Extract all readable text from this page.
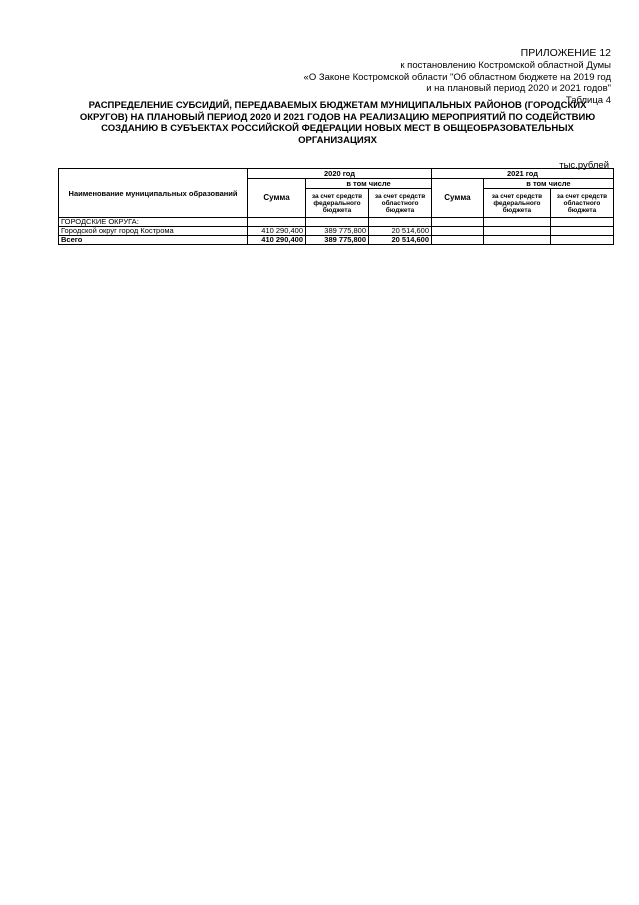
ПРИЛОЖЕНИЕ 12
к постановлению Костромской областной Думы
«О Законе Костромской области "Об областном бюджете на 2019 год
и на плановый период 2020 и 2021 годов"
Таблица 4
РАСПРЕДЕЛЕНИЕ СУБСИДИЙ, ПЕРЕДАВАЕМЫХ БЮДЖЕТАМ МУНИЦИПАЛЬНЫХ РАЙОНОВ (ГОРОДСКИХ ОКРУГОВ) НА ПЛАНОВЫЙ ПЕРИОД 2020 И 2021 ГОДОВ НА РЕАЛИЗАЦИЮ МЕРОПРИЯТИЙ ПО СОДЕЙСТВИЮ СОЗДАНИЮ В СУБЪЕКТАХ РОССИЙСКОЙ ФЕДЕРАЦИИ НОВЫХ МЕСТ В ОБЩЕОБРАЗОВАТЕЛЬНЫХ ОРГАНИЗАЦИЯХ
тыс.рублей
Наименование муниципальных образований	2020 год			2021 год		
	Сумма	в том числе		Сумма	в том числе	
		за счет средств федерального бюджета	за счет средств областного бюджета		за счет средств федерального бюджета	за счет средств областного бюджета
ГОРОДСКИЕ ОКРУГА:						
Городской округ город Кострома	410 290,400	389 775,800	20 514,600			
Всего	410 290,400	389 775,800	20 514,600			
